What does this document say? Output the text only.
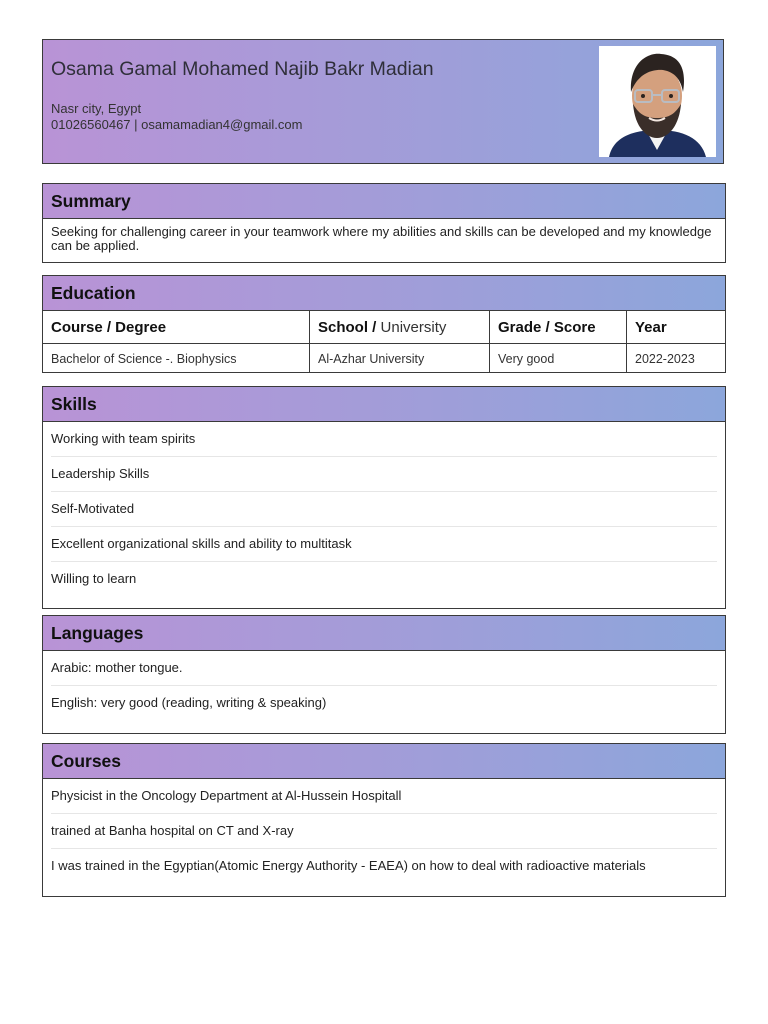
Osama Gamal Mohamed Najib Bakr Madian
Nasr city, Egypt
01026560467 | osamamadian4@gmail.com
Summary
Seeking for challenging career in your teamwork where my abilities and skills can be developed and my knowledge can be applied.
Education
Course / Degree	School / University	Grade / Score	Year
Bachelor of Science -. Biophysics	Al-Azhar University	Very good	2022-2023
Skills
Working with team spirits
Leadership Skills
Self-Motivated
Excellent organizational skills and ability to multitask
Willing to learn
Languages
Arabic: mother tongue.
English: very good (reading, writing & speaking)
Courses
Physicist in the Oncology Department at Al-Hussein Hospitall
trained at Banha hospital on CT and X-ray
I was trained in the Egyptian(Atomic Energy Authority - EAEA) on how to deal with radioactive materials
